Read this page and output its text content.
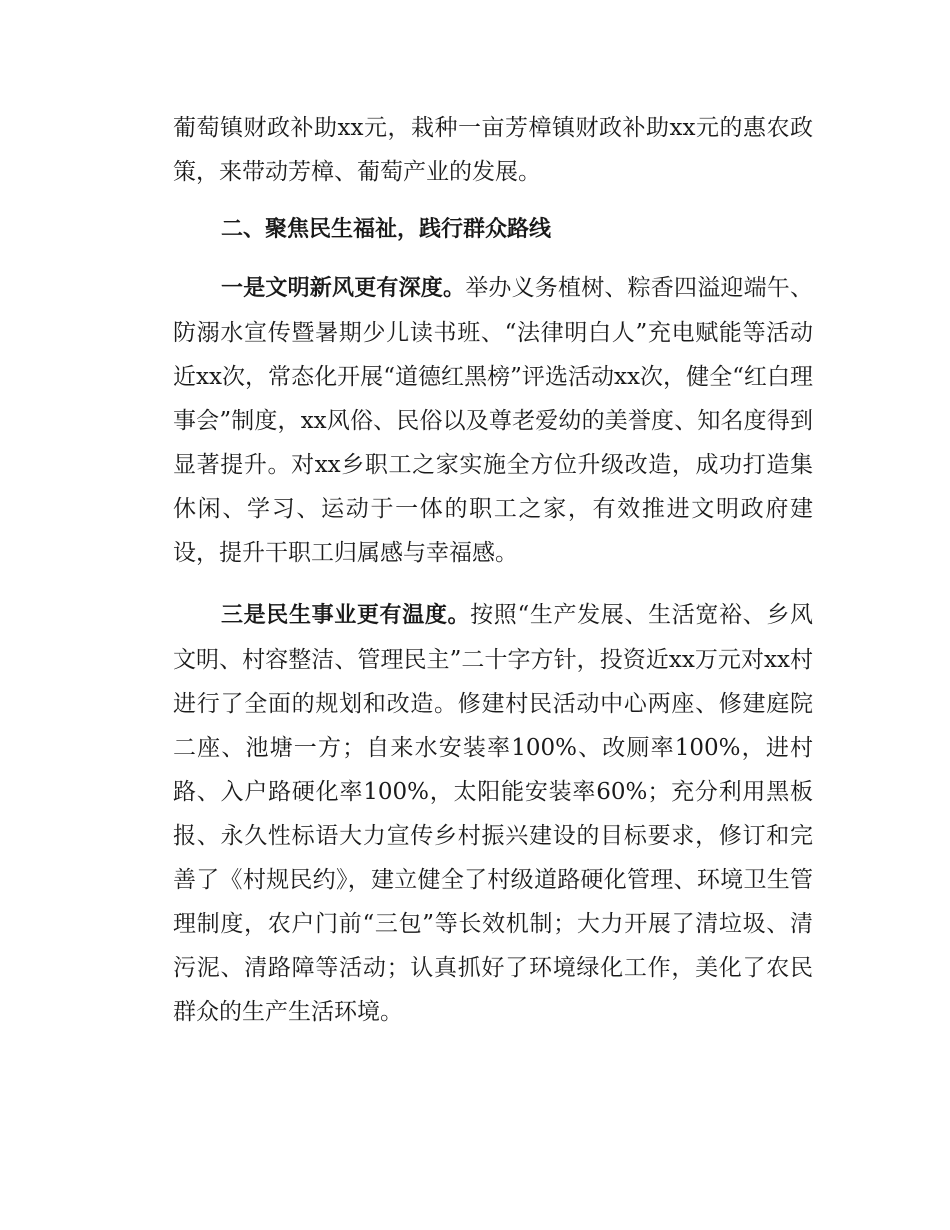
葡萄镇财政补助xx元，栽种一亩芳樟镇财政补助xx元的惠农政策，来带动芳樟、葡萄产业的发展。

二、聚焦民生福祉，践行群众路线

一是文明新风更有深度。举办义务植树、粽香四溢迎端午、防溺水宣传暨暑期少儿读书班、“法律明白人”充电赋能等活动近xx次，常态化开展“道德红黑榜”评选活动xx次，健全“红白理事会”制度，xx风俗、民俗以及尊老爱幼的美誉度、知名度得到显著提升。对xx乡职工之家实施全方位升级改造，成功打造集休闲、学习、运动于一体的职工之家，有效推进文明政府建设，提升干职工归属感与幸福感。

三是民生事业更有温度。按照“生产发展、生活宽裕、乡风文明、村容整洁、管理民主”二十字方针，投资近xx万元对xx村进行了全面的规划和改造。修建村民活动中心两座、修建庭院二座、池塘一方；自来水安装率100%、改厕率100%，进村路、入户路硬化率100%，太阳能安装率60%；充分利用黑板报、永久性标语大力宣传乡村振兴建设的目标要求，修订和完善了《村规民约》，建立健全了村级道路硬化管理、环境卫生管理制度，农户门前“三包”等长效机制；大力开展了清垃圾、清污泥、清路障等活动；认真抓好了环境绿化工作，美化了农民群众的生产生活环境。
